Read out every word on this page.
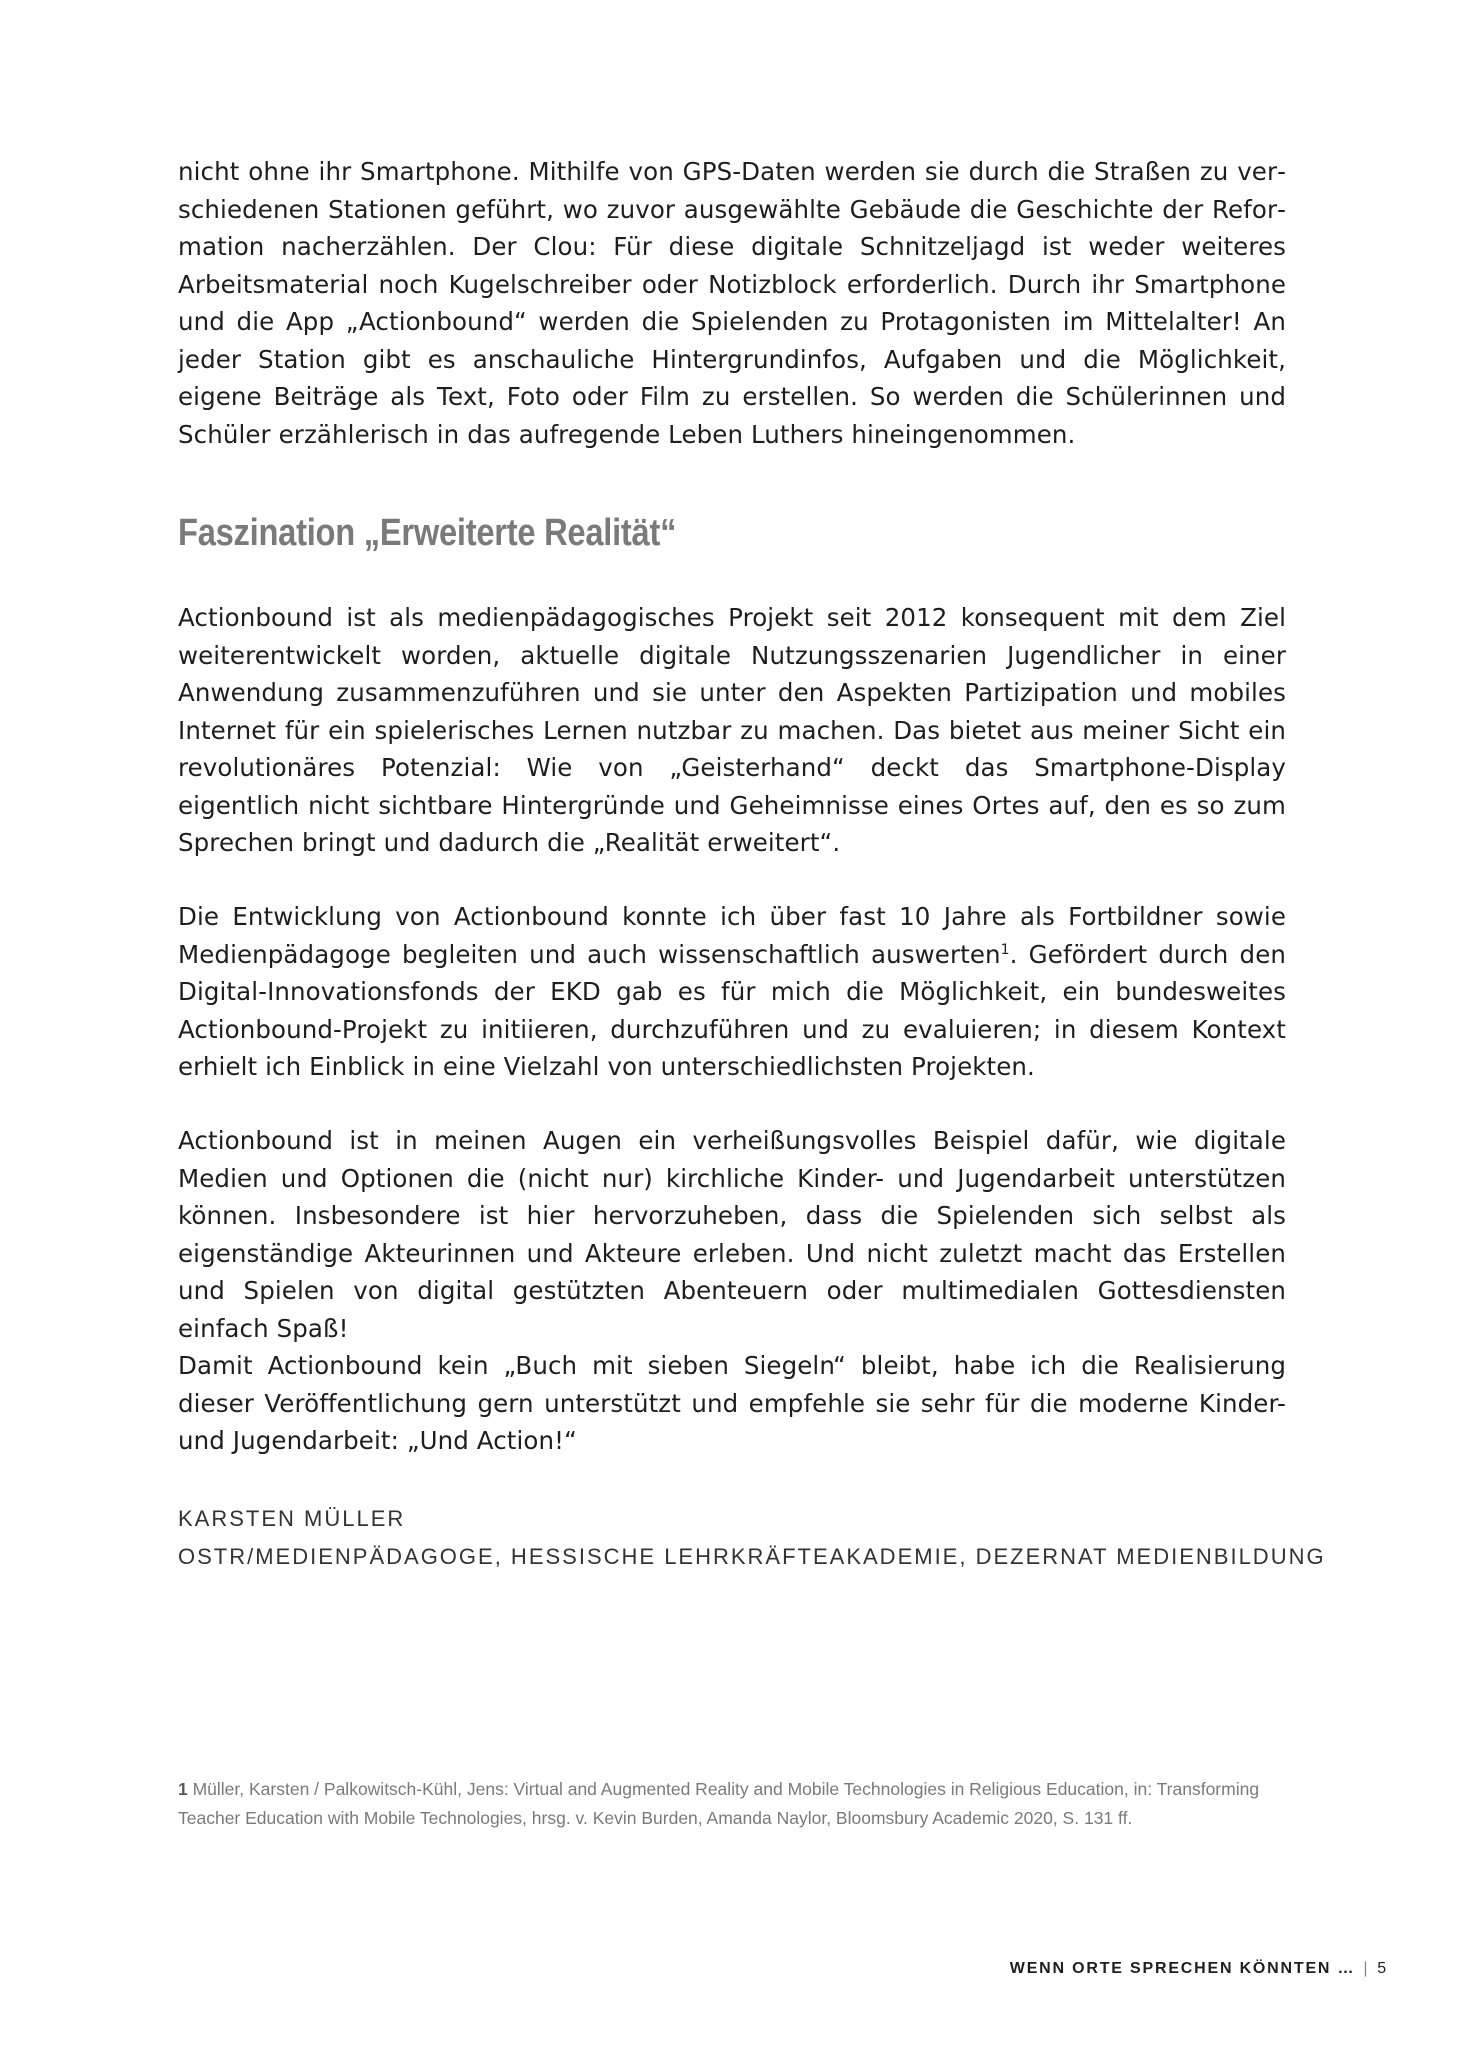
nicht ohne ihr Smartphone. Mithilfe von GPS-Daten werden sie durch die Straßen zu verschiedenen Stationen geführt, wo zuvor ausgewählte Gebäude die Geschichte der Reformation nacherzählen. Der Clou: Für diese digitale Schnitzeljagd ist weder weiteres Arbeitsmaterial noch Kugelschreiber oder Notizblock erforderlich. Durch ihr Smartphone und die App „Actionbound“ werden die Spielenden zu Protagonisten im Mittelalter! An jeder Station gibt es anschauliche Hintergrundinfos, Aufgaben und die Möglichkeit, eigene Beiträge als Text, Foto oder Film zu erstellen. So werden die Schülerinnen und Schüler erzählerisch in das aufregende Leben Luthers hineingenommen.

Faszination „Erweiterte Realität“

Actionbound ist als medienpädagogisches Projekt seit 2012 konsequent mit dem Ziel weiterentwickelt worden, aktuelle digitale Nutzungsszenarien Jugendlicher in einer Anwendung zusammenzuführen und sie unter den Aspekten Partizipation und mobiles Internet für ein spielerisches Lernen nutzbar zu machen. Das bietet aus meiner Sicht ein revolutionäres Potenzial: Wie von „Geisterhand“ deckt das Smartphone-Display eigentlich nicht sichtbare Hintergründe und Geheimnisse eines Ortes auf, den es so zum Sprechen bringt und dadurch die „Realität erweitert“.

Die Entwicklung von Actionbound konnte ich über fast 10 Jahre als Fortbildner sowie Medienpädagoge begleiten und auch wissenschaftlich auswerten$^1$. Gefördert durch den Digital-Innovationsfonds der EKD gab es für mich die Möglichkeit, ein bundesweites Actionbound-Projekt zu initiieren, durchzuführen und zu evaluieren; in diesem Kontext erhielt ich Einblick in eine Vielzahl von unterschiedlichsten Projekten.

Actionbound ist in meinen Augen ein verheißungsvolles Beispiel dafür, wie digitale Medien und Optionen die (nicht nur) kirchliche Kinder- und Jugendarbeit unterstützen können. Insbesondere ist hier hervorzuheben, dass die Spielenden sich selbst als eigenständige Akteurinnen und Akteure erleben. Und nicht zuletzt macht das Erstellen und Spielen von digital gestützten Abenteuern oder multimedialen Gottesdiensten einfach Spaß!

Damit Actionbound kein „Buch mit sieben Siegeln“ bleibt, habe ich die Realisierung dieser Veröffentlichung gern unterstützt und empfehle sie sehr für die moderne Kinder- und Jugendarbeit: „Und Action!“

KARSTEN MÜLLER
OSTR/MEDIENPÄDAGOGE, HESSISCHE LEHRKRÄFTEAKADEMIE, DEZERNAT MEDIENBILDUNG

1 Müller, Karsten / Palkowitsch-Kühl, Jens: Virtual and Augmented Reality and Mobile Technologies in Religious Education, in: Transforming Teacher Education with Mobile Technologies, hrsg. v. Kevin Burden, Amanda Naylor, Bloomsbury Academic 2020, S. 131 ff.

WENN ORTE SPRECHEN KÖNNTEN … | 5
